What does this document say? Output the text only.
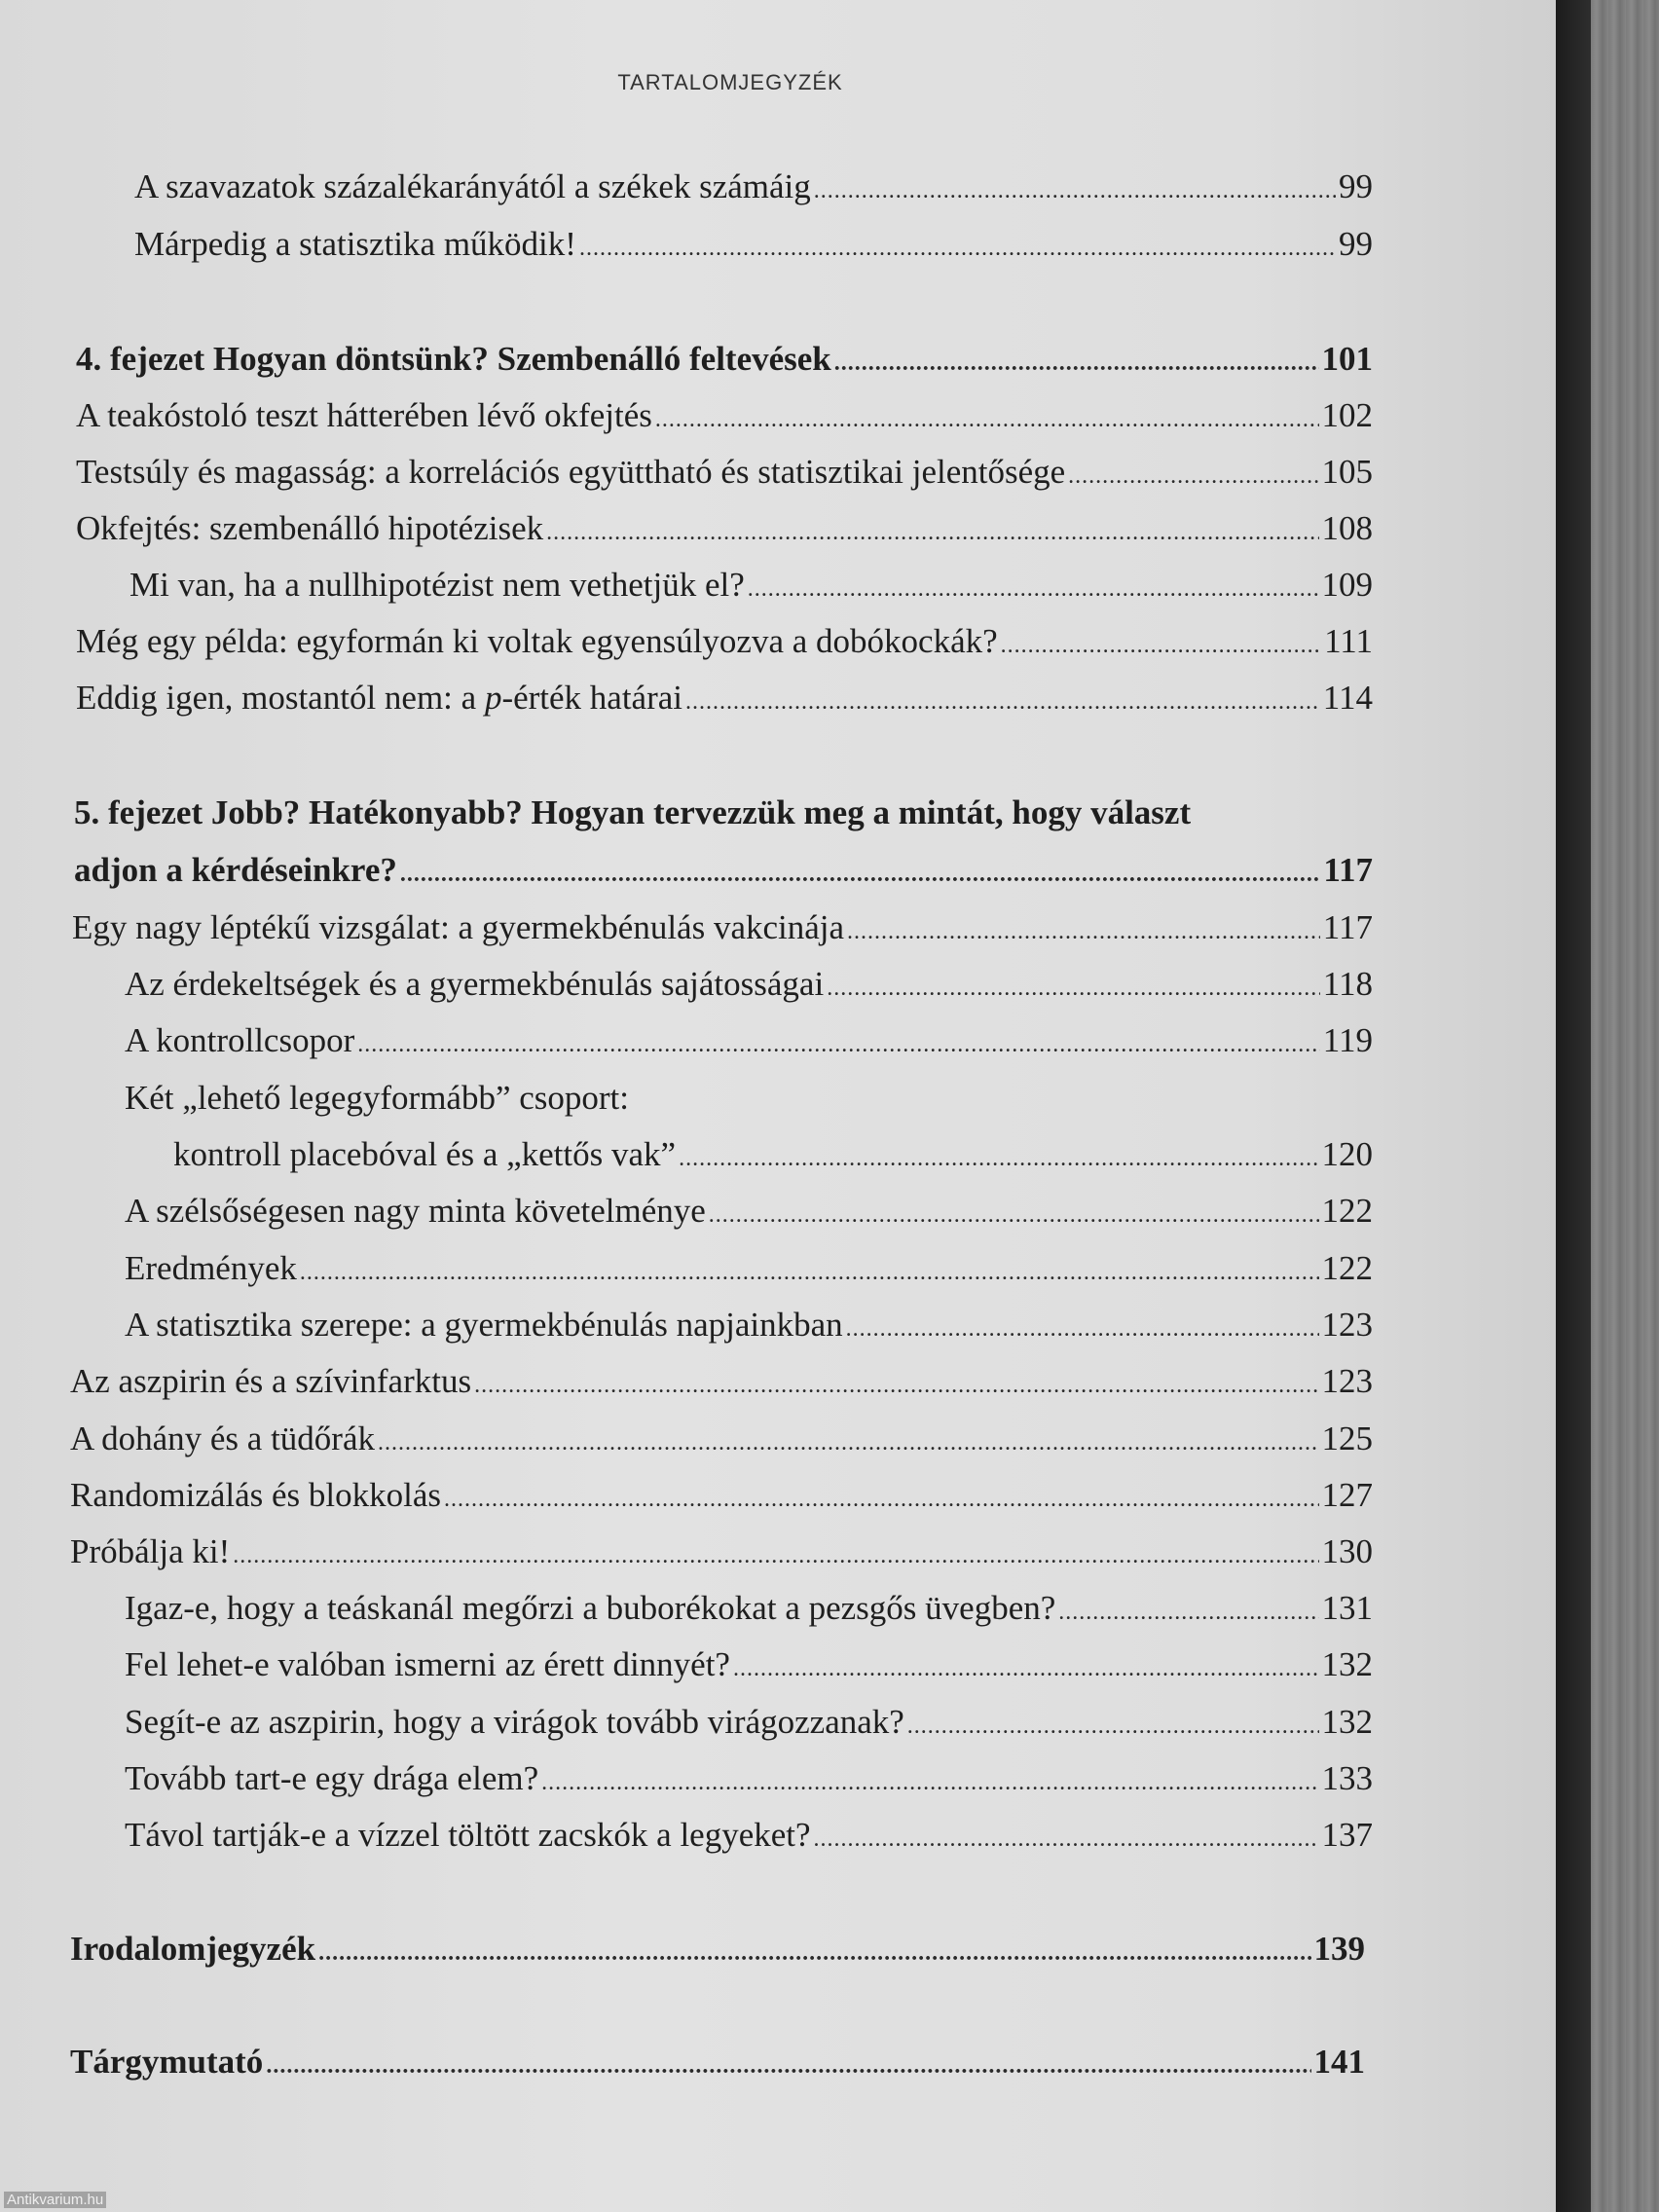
TARTALOMJEGYZÉK
A szavazatok százalékarányától a székek számáig .....	99
Márpedig a statisztika működik! .....	99
4. fejezet Hogyan döntsünk? Szembenálló feltevések .....	101
A teakóstoló teszt hátterében lévő okfejtés .....	102
Testsúly és magasság: a korrelációs együttható és statisztikai jelentősége .....	105
Okfejtés: szembenálló hipotézisek .....	108
Mi van, ha a nullhipotézist nem vethetjük el? .....	109
Még egy példa: egyformán ki voltak egyensúlyozva a dobókockák? .....	111
Eddig igen, mostantól nem: a p-érték határai .....	114
5. fejezet Jobb? Hatékonyabb? Hogyan tervezzük meg a mintát, hogy választ
adjon a kérdéseinkre? .....	117
Egy nagy léptékű vizsgálat: a gyermekbénulás vakcinája .....	117
Az érdekeltségek és a gyermekbénulás sajátosságai .....	118
A kontrollcsopor .....	119
Két „lehető legegyformább” csoport:
kontroll placebóval és a „kettős vak” .....	120
A szélsőségesen nagy minta követelménye .....	122
Eredmények .....	122
A statisztika szerepe: a gyermekbénulás napjainkban .....	123
Az aszpirin és a szívinfarktus .....	123
A dohány és a tüdőrák .....	125
Randomizálás és blokkolás .....	127
Próbálja ki! .....	130
Igaz-e, hogy a teáskanál megőrzi a buborékokat a pezsgős üvegben? .....	131
Fel lehet-e valóban ismerni az érett dinnyét? .....	132
Segít-e az aszpirin, hogy a virágok tovább virágozzanak? .....	132
Tovább tart-e egy drága elem? .....	133
Távol tartják-e a vízzel töltött zacskók a legyeket? .....	137
Irodalomjegyzék .....	139
Tárgymutató .....	141
Antikvarium.hu
